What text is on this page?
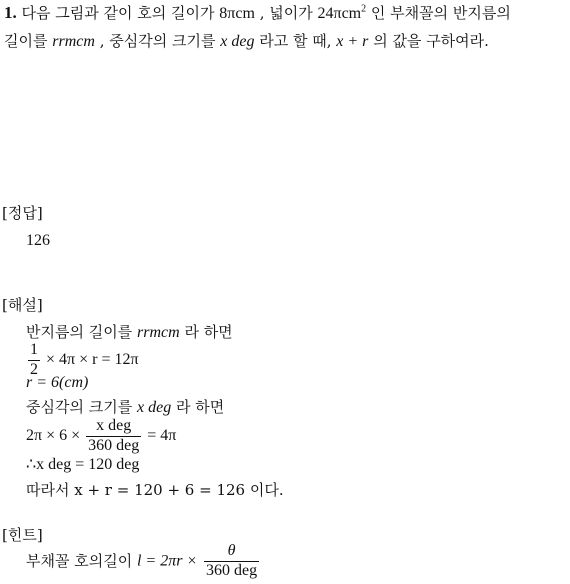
1. 다음 그림과 같이 호의 길이가 8πcm , 넓이가 24πcm$^2$ 인 부채꼴의 반지름의
길이를 rrmcm , 중심각의 크기를 x deg 라고 할 때, x + r 의 값을 구하여라.
[정답]
126
[해설]
반지름의 길이를 rrmcm 라 하면
$\frac{1}{2} \times 4\pi \times r = 12\pi$
r = 6(cm)
중심각의 크기를 x deg 라 하면
$2\pi \times 6 \times \frac{\text{x deg}}{\text{360 deg}} = 4\pi$
∴x deg = 120 deg
따라서 x + r = 120 + 6 = 126 이다.
[힌트]
부채꼴 호의길이 $l = 2\pi r \times \frac{\theta}{\text{360 deg}}$
